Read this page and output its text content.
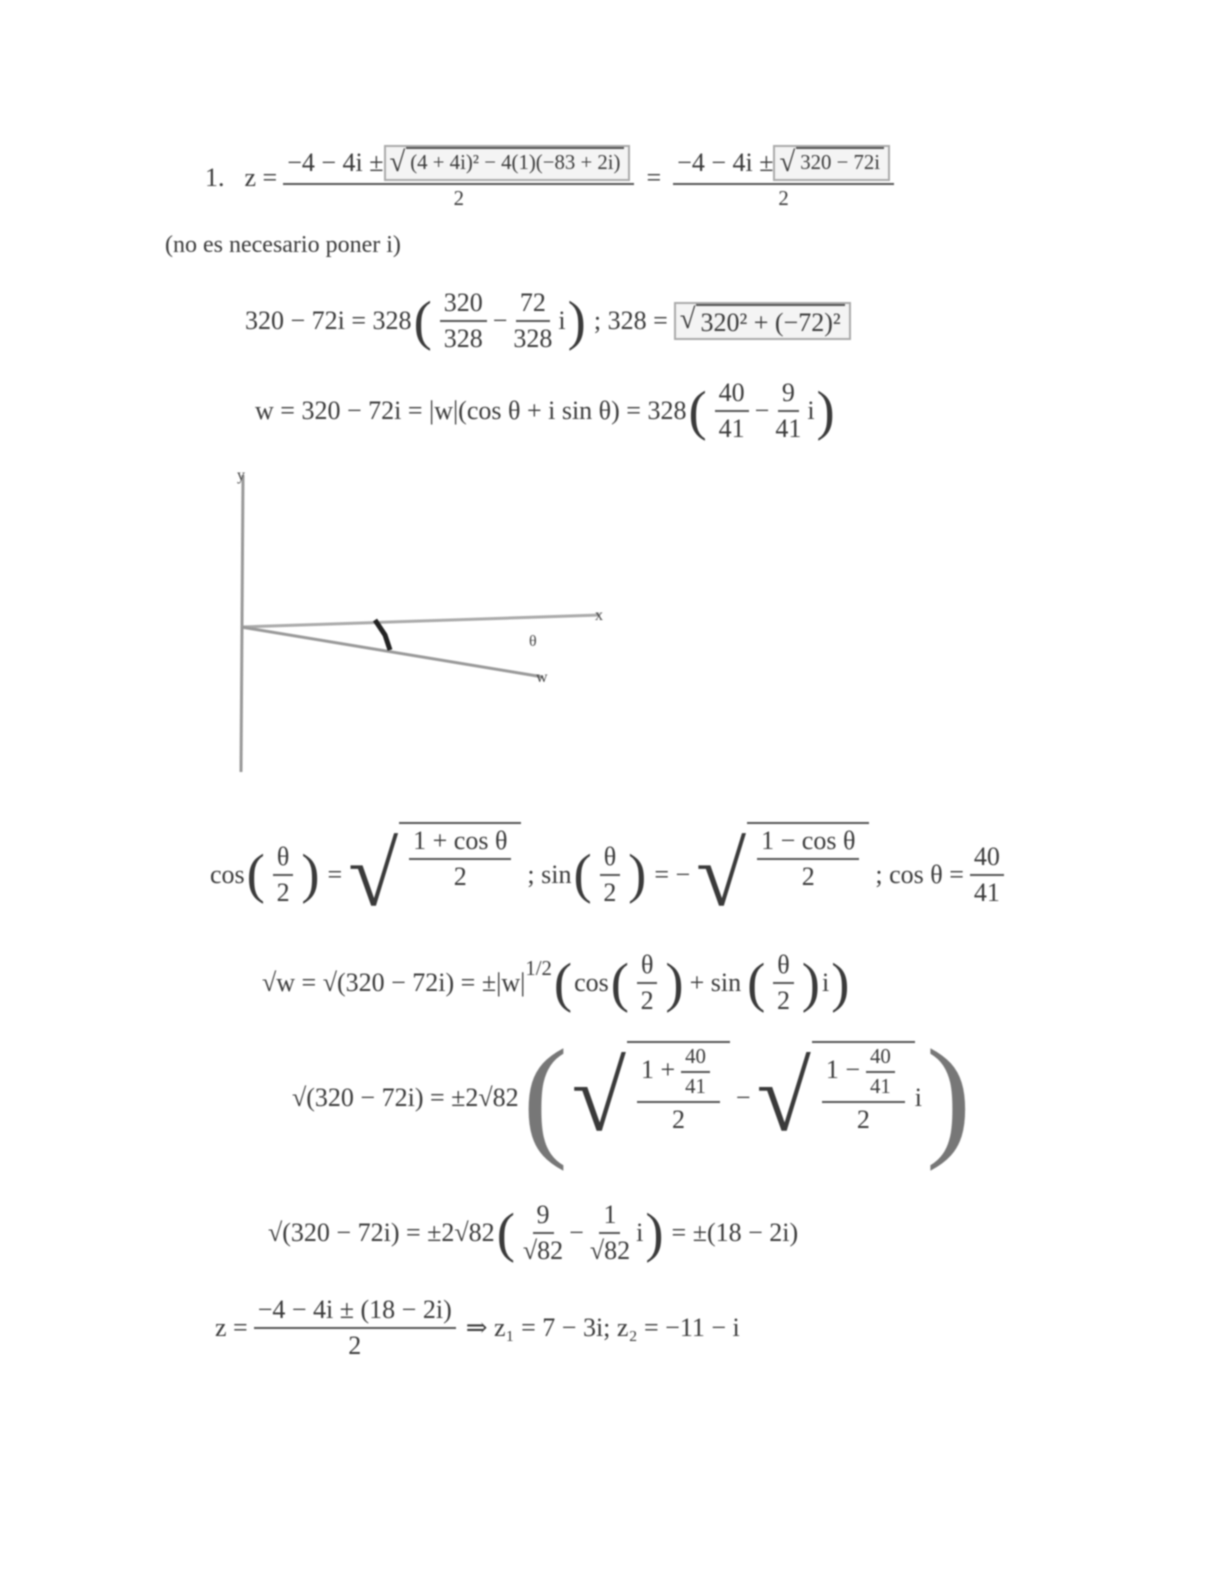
1. $z = \frac{\text{−4 − 4i ± √ (4 + 4i)² − 4(1)(−83 + 2i)}}{2} = \frac{-4 - 4i \pm √ 320 - 72i}{2}$
(no es necesario poner i)
320 − 72i = 328 ( $\frac{320}{328} - \frac{72}{328}$ i ) ; 328 = √ 320² + (−72)²
w = 320 − 72i = |w|(cos θ + i sin θ) = 328 ( $\frac{40}{41} - \frac{9}{41}$ i )
y
x
θ
w
cos ( $\frac{\theta}{2}$ ) = √ $\frac{\text{1 + cos θ}}{2}$ ; sin ( $\frac{\theta}{2}$ ) = − √ $\frac{\text{1 − cos θ}}{2}$ ; $\cos \theta = \frac{40}{41}$
$√w = √(320 - 72i) = \pm|w|^{1/2}$ ( cos ( $\frac{\theta}{2}$ ) + sin ( $\frac{\theta}{2}$ ) i )
√(320 − 72i) = ±2√82 ( √ $\frac{1 + \frac{40}{41}}{2}$ − √ $\frac{1 - \frac{40}{41}}{2}$ i )
√(320 − 72i) = ±2√82 ( $\frac{9}{√82} - \frac{1}{√82}$ i ) = ±(18 − 2i)
$z = \frac{-4 - 4i \pm (18 - 2i)}{2}$ ⇒ z₁ = 7 − 3i; z₂ = −11 − i
